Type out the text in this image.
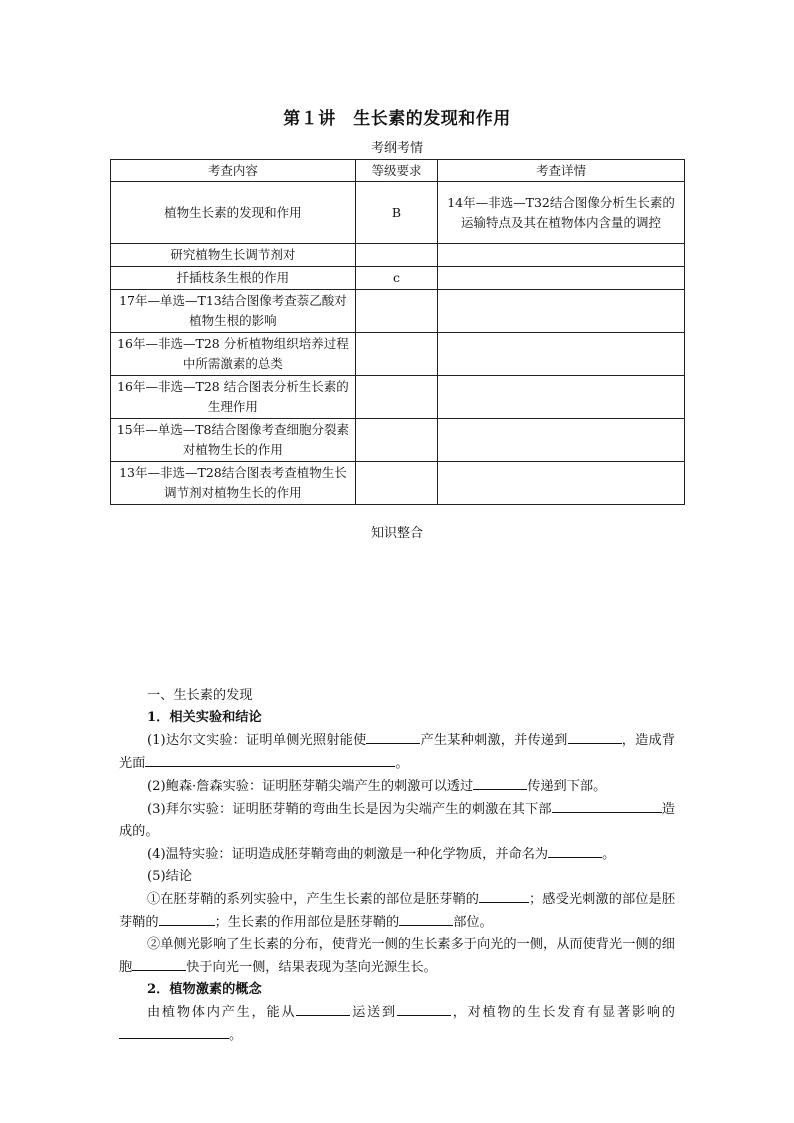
第１讲　生长素的发现和作用
考纲考情
考查内容	等级要求	考查详情
植物生长素的发现和作用	B	14年—非选—T32结合图像分析生长素的运输特点及其在植物体内含量的调控
研究植物生长调节剂对		
扦插枝条生根的作用	c	
17年—单选—T13结合图像考查萘乙酸对植物生根的影响		
16年—非选—T28 分析植物组织培养过程中所需激素的总类		
16年—非选—T28 结合图表分析生长素的生理作用		
15年—单选—T8结合图像考查细胞分裂素对植物生长的作用		
13年—非选—T28结合图表考查植物生长调节剂对植物生长的作用		
知识整合

一、生长素的发现

1．相关实验和结论

(1)达尔文实验：证明单侧光照射能使	产生某种刺激，并传递到	，造成背光面	。

(2)鲍森·詹森实验：证明胚芽鞘尖端产生的刺激可以透过	传递到下部。

(3)拜尔实验：证明胚芽鞘的弯曲生长是因为尖端产生的刺激在其下部	造成的。

(4)温特实验：证明造成胚芽鞘弯曲的刺激是一种化学物质，并命名为	。

(5)结论

①在胚芽鞘的系列实验中，产生生长素的部位是胚芽鞘的	；感受光刺激的部位是胚芽鞘的	；生长素的作用部位是胚芽鞘的	部位。

②单侧光影响了生长素的分布，使背光一侧的生长素多于向光的一侧，从而使背光一侧的细胞	快于向光一侧，结果表现为茎向光源生长。

2．植物激素的概念

由植物体内产生，能从	运送到	，对植物的生长发育有显著影响的。
